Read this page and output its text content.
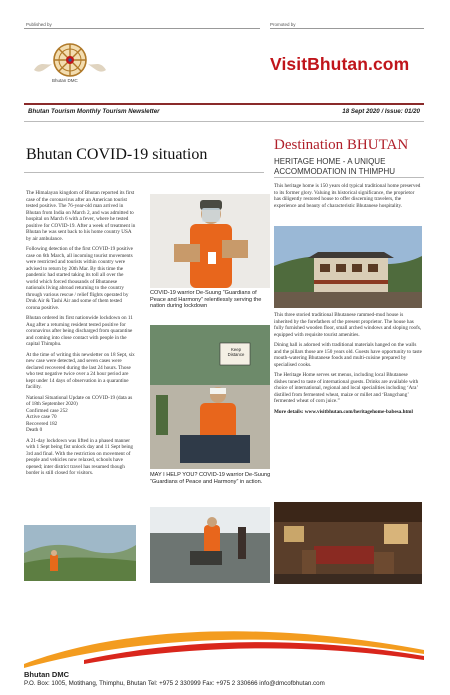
Published by	Promoted by
Bhutan DMC
VisitBhutan.com
Bhutan Tourism Monthly Tourism Newsletter	18 Sept 2020 / Issue: 01/20
Bhutan COVID-19 situation

The Himalayan kingdom of Bhutan reported its first case of the coronavirus after an American tourist tested positive. The 76-year-old man arrived in Bhutan from India on March 2, and was admitted to hospital on March 6 with a fever, where he tested positive for COVID-19. After a week of treatment in Bhutan he was sent back to his home country USA by air ambulance.

Following detection of the first COVID-19 positive case on 6th March, all incoming tourist movements were restricted and tourists within country were advised to return by 20th Mar. By this time the pandemic had started taking its toll all over the world which forced thousands of Bhutanese nationals living abroad returning to the country through various rescue / relief flights operated by Druk Air & Tashi Air and some of them tested corona positive.

Bhutan ordered its first nationwide lockdown on 11 Aug after a returning resident tested positive for coronavirus after being discharged from quarantine and coming into close contact with people in the capital Thimphu.

At the time of writing this newsletter on 18 Sept, six new case were detected, and seven cases were declared recovered during the last 24 hours. Those who test negative twice over a 24 hour period are kept under 14 days of observation in a quarantine facility.

National Situational Update on COVID-19 (data as of 18th September 2020)
Confirmed case 252
Active case 70
Recovered 182
Death 0

A 21-day lockdown was lifted in a phased manner with 1 Sept being fist unlock day and 11 Sept being 3rd and final. With the restriction on movement of people and vehicles now relaxed, schools have opened; inter district travel has resumed though border is still closed for visitors.

COVID-19 warrior De-Suung “Guardians of Peace and Harmony” relentlessly serving the nation during lockdown
Keep
Distance
MAY I HELP YOU? COVID-19 warrior De-Suung “Guardians of Peace and Harmony” in action.
Destination BHUTAN
HERITAGE HOME - A UNIQUE ACCOMMODATION IN THIMPHU

This heritage home is 150 years old typical traditional home preserved to its former glory. Valuing its historical significance, the proprietor has diligently restored house to offer discerning travelers, the experience and beauty of characteristic Bhutanese hospitality.

This three storied traditional Bhutanese rammed-mud house is inherited by the forefathers of the present proprietor. The house has fully furnished wooden floor, small arched windows and sloping roofs, equipped with requisite tourist amenities.

Dining hall is adorned with traditional materials hanged on the walls and the pillars those are 150 years old. Guests have opportunity to taste mouth-watering Bhutanese foods and multi-cuisine prepared by specialised cooks.

The Heritage Home serves set menus, including local Bhutanese dishes tuned to taste of international guests. Drinks are available with choice of international, regional and local specialities including ‘Ara’ distilled from fermented wheat, maize or millet and ‘Bangchang’ fermented wheat of corn juice.”

More details: www.visitbhutan.com/heritagehome-babesa.html

Bhutan DMC
P.O. Box: 1005, Motithang, Thimphu, Bhutan Tel: +975 2 330999 Fax: +975 2 330666 info@dmcofbhutan.com
